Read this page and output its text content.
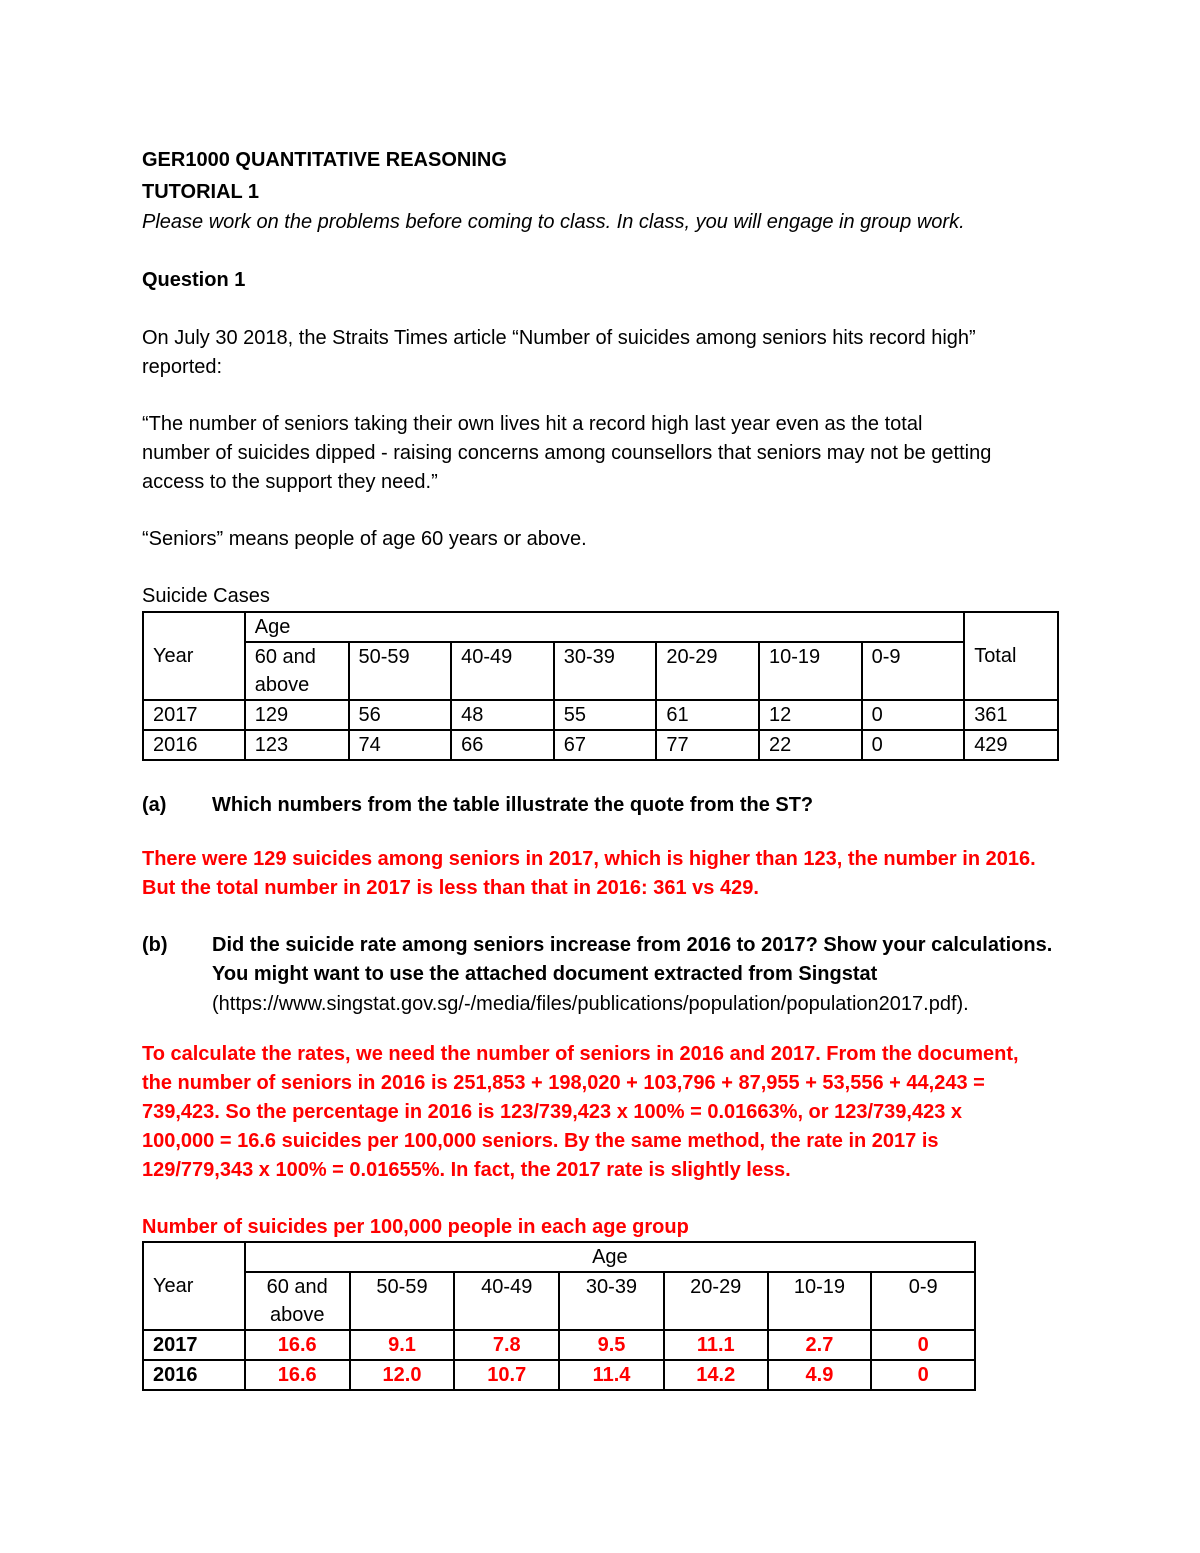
GER1000 QUANTITATIVE REASONING
TUTORIAL 1
Please work on the problems before coming to class. In class, you will engage in group work.
Question 1
On July 30 2018, the Straits Times article “Number of suicides among seniors hits record high”
reported:
“The number of seniors taking their own lives hit a record high last year even as the total
number of suicides dipped - raising concerns among counsellors that seniors may not be getting
access to the support they need.”
“Seniors” means people of age 60 years or above.
Suicide Cases
Year	Age							Total
	60 and above	50-59	40-49	30-39	20-29	10-19	0-9	
2017	129	56	48	55	61	12	0	361
2016	123	74	66	67	77	22	0	429
(a) Which numbers from the table illustrate the quote from the ST?
There were 129 suicides among seniors in 2017, which is higher than 123, the number in 2016.
But the total number in 2017 is less than that in 2016: 361 vs 429.
(b) Did the suicide rate among seniors increase from 2016 to 2017? Show your calculations.
You might want to use the attached document extracted from Singstat
(https://www.singstat.gov.sg/-/media/files/publications/population/population2017.pdf).
To calculate the rates, we need the number of seniors in 2016 and 2017. From the document,
the number of seniors in 2016 is 251,853 + 198,020 + 103,796 + 87,955 + 53,556 + 44,243 =
739,423. So the percentage in 2016 is 123/739,423 x 100% = 0.01663%, or 123/739,423 x
100,000 = 16.6 suicides per 100,000 seniors. By the same method, the rate in 2017 is
129/779,343 x 100% = 0.01655%. In fact, the 2017 rate is slightly less.
Number of suicides per 100,000 people in each age group
Year	Age						
	60 and above	50-59	40-49	30-39	20-29	10-19	0-9
2017	16.6	9.1	7.8	9.5	11.1	2.7	0
2016	16.6	12.0	10.7	11.4	14.2	4.9	0
